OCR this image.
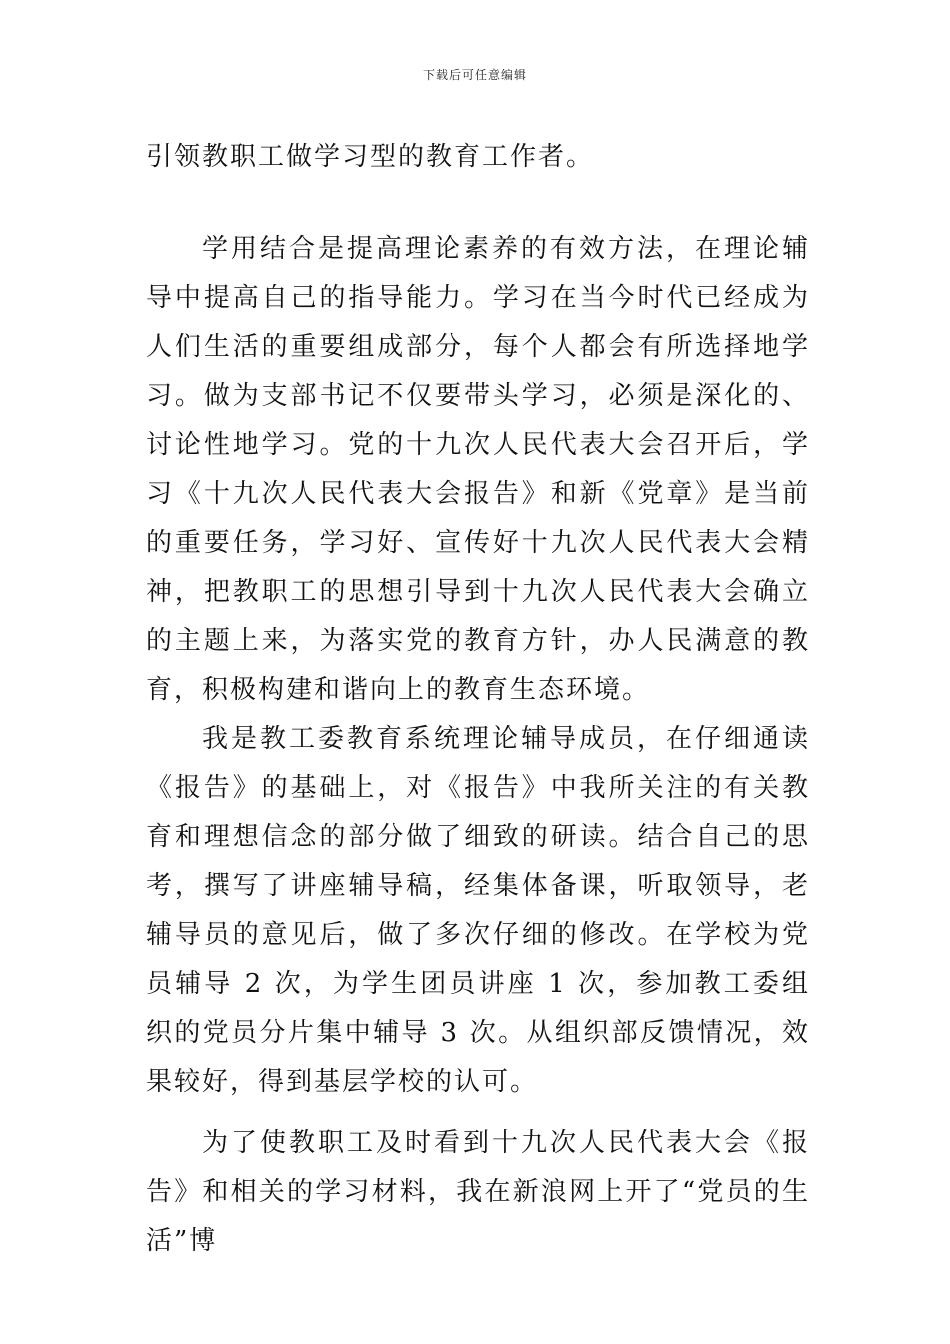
下载后可任意编辑

引领教职工做学习型的教育工作者。

学用结合是提高理论素养的有效方法，在理论辅导中提高自己的指导能力。学习在当今时代已经成为人们生活的重要组成部分，每个人都会有所选择地学习。做为支部书记不仅要带头学习，必须是深化的、讨论性地学习。党的十九次人民代表大会召开后，学习《十九次人民代表大会报告》和新《党章》是当前的重要任务，学习好、宣传好十九次人民代表大会精神，把教职工的思想引导到十九次人民代表大会确立的主题上来，为落实党的教育方针，办人民满意的教育，积极构建和谐向上的教育生态环境。

我是教工委教育系统理论辅导成员，在仔细通读《报告》的基础上，对《报告》中我所关注的有关教育和理想信念的部分做了细致的研读。结合自己的思考，撰写了讲座辅导稿，经集体备课，听取领导，老辅导员的意见后，做了多次仔细的修改。在学校为党员辅导 2 次，为学生团员讲座 1 次，参加教工委组织的党员分片集中辅导 3 次。从组织部反馈情况，效果较好，得到基层学校的认可。

为了使教职工及时看到十九次人民代表大会《报告》和相关的学习材料，我在新浪网上开了“党员的生活”博
